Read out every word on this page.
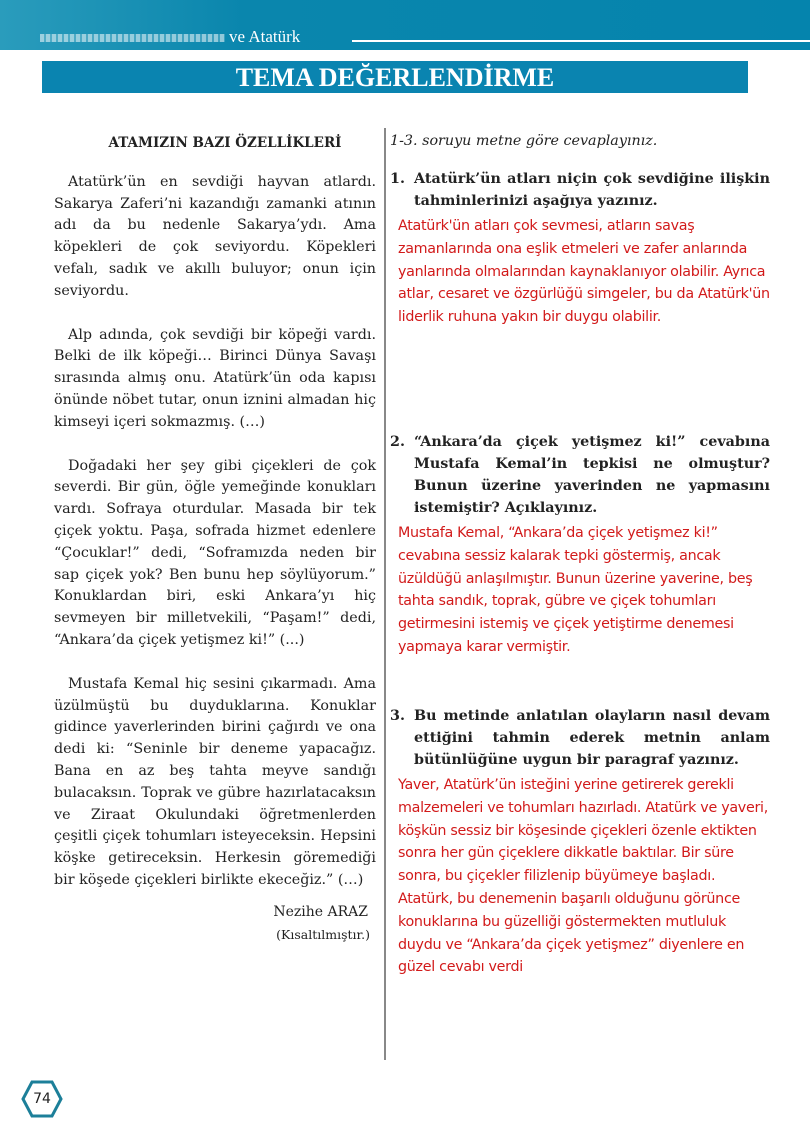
ve Atatürk
TEMA DEĞERLENDİRME
ATAMIZIN BAZI ÖZELLİKLERİ

Atatürk’ün en sevdiği hayvan atlardı. Sakarya Zaferi’ni kazandığı zamanki atının adı da bu nedenle Sakarya’ydı. Ama köpekleri de çok seviyordu. Köpekleri vefalı, sadık ve akıllı buluyor; onun için seviyordu.

Alp adında, çok sevdiği bir köpeği vardı. Belki de ilk köpeği… Birinci Dünya Savaşı sırasında almış onu. Atatürk’ün oda kapısı önünde nöbet tutar, onun iznini almadan hiç kimseyi içeri sokmazmış. (…)

Doğadaki her şey gibi çiçekleri de çok severdi. Bir gün, öğle yemeğinde konukları vardı. Sofraya oturdular. Masada bir tek çiçek yoktu. Paşa, sofrada hizmet edenlere “Çocuklar!” dedi, “Soframızda neden bir sap çiçek yok? Ben bunu hep söylüyorum.” Konuklardan biri, eski Ankara’yı hiç sevmeyen bir milletvekili, “Paşam!” dedi, “Ankara’da çiçek yetişmez ki!” (...)

Mustafa Kemal hiç sesini çıkarmadı. Ama üzülmüştü bu duyduklarına. Konuklar gidince yaverlerinden birini çağırdı ve ona dedi ki: “Seninle bir deneme yapacağız. Bana en az beş tahta meyve sandığı bulacaksın. Toprak ve gübre hazırlatacaksın ve Ziraat Okulundaki öğretmenlerden çeşitli çiçek tohumları isteyeceksin. Hepsini köşke getireceksin. Herkesin göremediği bir köşede çiçekleri birlikte ekeceğiz.” (…)

Nezihe ARAZ
(Kısaltılmıştır.)
1-3. soruyu metne göre cevaplayınız.
1. Atatürk’ün atları niçin çok sevdiğine ilişkin tahminlerinizi aşağıya yazınız.
Atatürk'ün atları çok sevmesi, atların savaş zamanlarında ona eşlik etmeleri ve zafer anlarında yanlarında olmalarından kaynaklanıyor olabilir. Ayrıca atlar, cesaret ve özgürlüğü simgeler, bu da Atatürk'ün liderlik ruhuna yakın bir duygu olabilir.
2. “Ankara’da çiçek yetişmez ki!” cevabına Mustafa Kemal’in tepkisi ne olmuştur? Bunun üzerine yaverinden ne yapmasını istemiştir? Açıklayınız.
Mustafa Kemal, “Ankara’da çiçek yetişmez ki!” cevabına sessiz kalarak tepki göstermiş, ancak üzüldüğü anlaşılmıştır. Bunun üzerine yaverine, beş tahta sandık, toprak, gübre ve çiçek tohumları getirmesini istemiş ve çiçek yetiştirme denemesi yapmaya karar vermiştir.
3. Bu metinde anlatılan olayların nasıl devam ettiğini tahmin ederek metnin anlam bütünlüğüne uygun bir paragraf yazınız.
Yaver, Atatürk’ün isteğini yerine getirerek gerekli malzemeleri ve tohumları hazırladı. Atatürk ve yaveri, köşkün sessiz bir köşesinde çiçekleri özenle ektikten sonra her gün çiçeklere dikkatle baktılar. Bir süre sonra, bu çiçekler filizlenip büyümeye başladı. Atatürk, bu denemenin başarılı olduğunu görünce konuklarına bu güzelliği göstermekten mutluluk duydu ve “Ankara’da çiçek yetişmez” diyenlere en güzel cevabı verdi
74
